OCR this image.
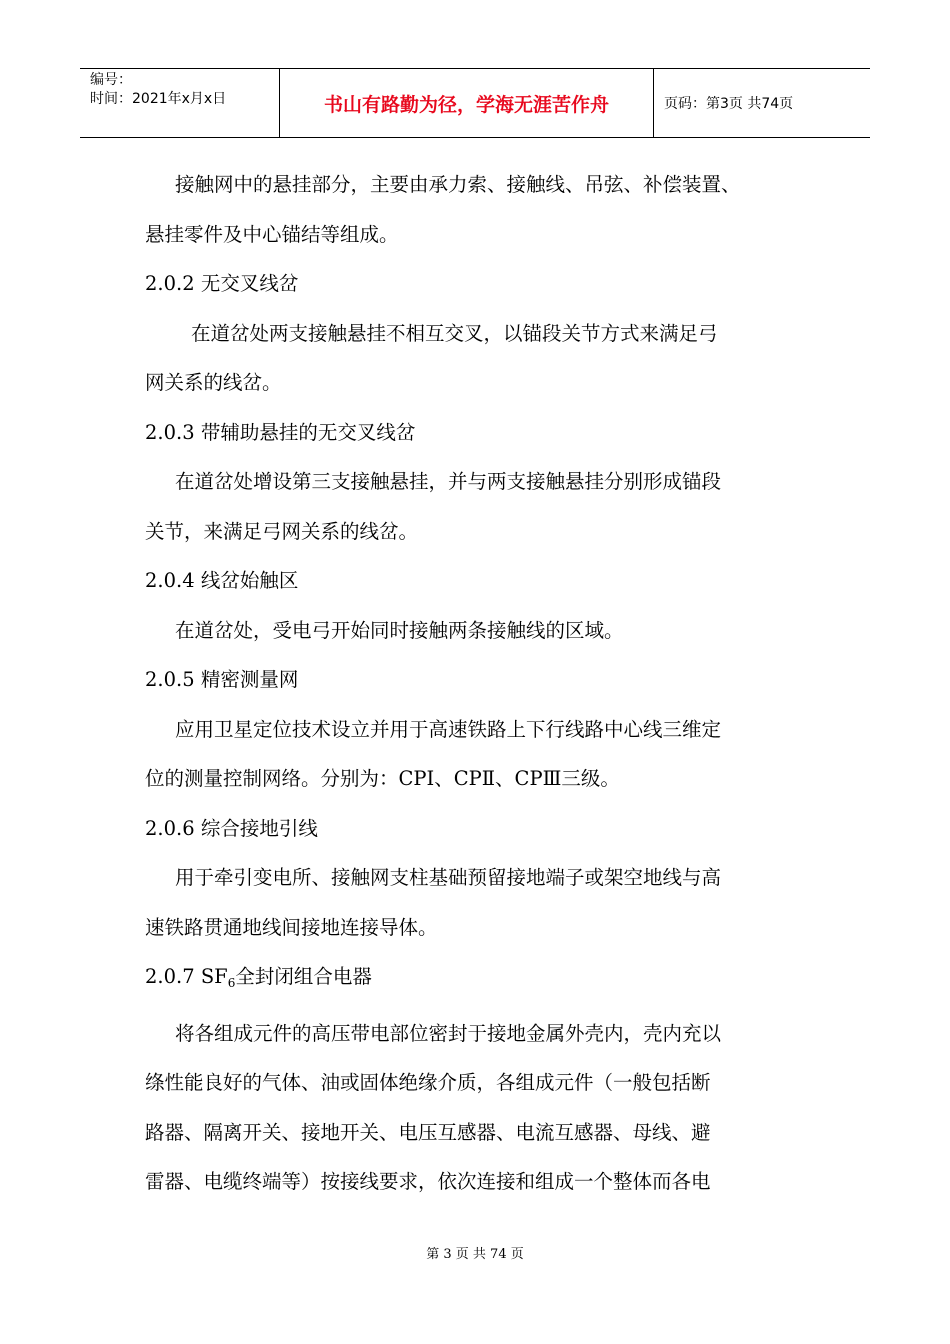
编号：
时间：2021年x月x日	书山有路勤为径，学海无涯苦作舟	页码：第3页 共74页

接触网中的悬挂部分，主要由承力索、接触线、吊弦、补偿装置、

悬挂零件及中心锚结等组成。

2.0.2 无交叉线岔

在道岔处两支接触悬挂不相互交叉，以锚段关节方式来满足弓

网关系的线岔。

2.0.3 带辅助悬挂的无交叉线岔

在道岔处增设第三支接触悬挂，并与两支接触悬挂分别形成锚段

关节，来满足弓网关系的线岔。

2.0.4 线岔始触区

在道岔处，受电弓开始同时接触两条接触线的区域。

2.0.5 精密测量网

应用卫星定位技术设立并用于高速铁路上下行线路中心线三维定

位的测量控制网络。分别为：CPⅠ、CPⅡ、CPⅢ三级。

2.0.6 综合接地引线

用于牵引变电所、接触网支柱基础预留接地端子或架空地线与高

速铁路贯通地线间接地连接导体。

2.0.7 $SF_6$全封闭组合电器

将各组成元件的高压带电部位密封于接地金属外壳内，壳内充以

绦性能良好的气体、油或固体绝缘介质，各组成元件（一般包括断

路器、隔离开关、接地开关、电压互感器、电流互感器、母线、避

雷器、电缆终端等）按接线要求，依次连接和组成一个整体而各电

第 3 页 共 74 页
